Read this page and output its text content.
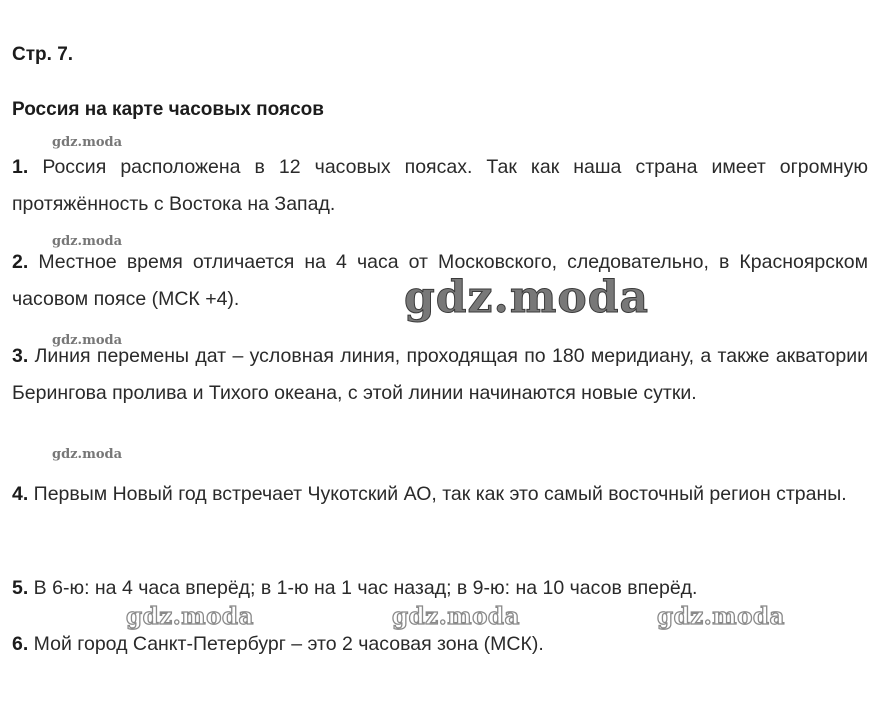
Стр. 7.
Россия на карте часовых поясов
1. Россия расположена в 12 часовых поясах. Так как наша страна имеет огромную протяжённость с Востока на Запад.
2. Местное время отличается на 4 часа от Московского, следовательно, в Красноярском часовом поясе (МСК +4).
3. Линия перемены дат – условная линия, проходящая по 180 меридиану, а также акватории Берингова пролива и Тихого океана, с этой линии начинаются новые сутки.
4. Первым Новый год встречает Чукотский АО, так как это самый восточный регион страны.
5. В 6-ю: на 4 часа вперёд; в 1-ю на 1 час назад; в 9-ю: на 10 часов вперёд.
6. Мой город Санкт-Петербург – это 2 часовая зона (МСК).
gdz.moda
gdz.moda
gdz.moda
gdz.moda
gdz.moda
gdz.moda	gdz.moda	gdz.moda
